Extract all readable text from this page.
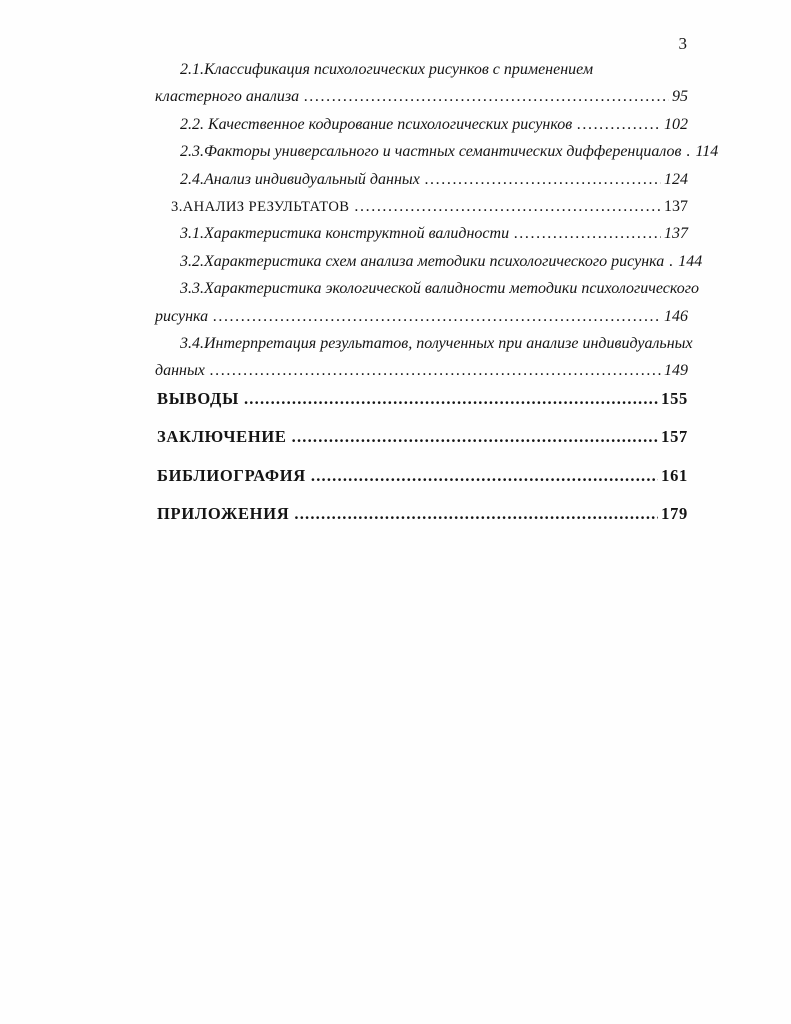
3
2.1.Классификация психологических рисунков с применением
кластерного анализа .....	95
2.2. Качественное кодирование психологических рисунков .....	102
2.3.Факторы универсального и частных семантических дифференциалов ..... 114
2.4.Анализ индивидуальный данных .....	124
3.АНАЛИЗ РЕЗУЛЬТАТОВ .....	137
3.1.Характеристика конструктной валидности .....	137
3.2.Характеристика схем анализа методики психологического рисунка ..... 144
3.3.Характеристика экологической валидности методики психологического
рисунка .....	146
3.4.Интерпретация результатов, полученных при анализе индивидуальных
данных .....	149
ВЫВОДЫ .....	155
ЗАКЛЮЧЕНИЕ .....	157
БИБЛИОГРАФИЯ .....	161
ПРИЛОЖЕНИЯ .....	179
